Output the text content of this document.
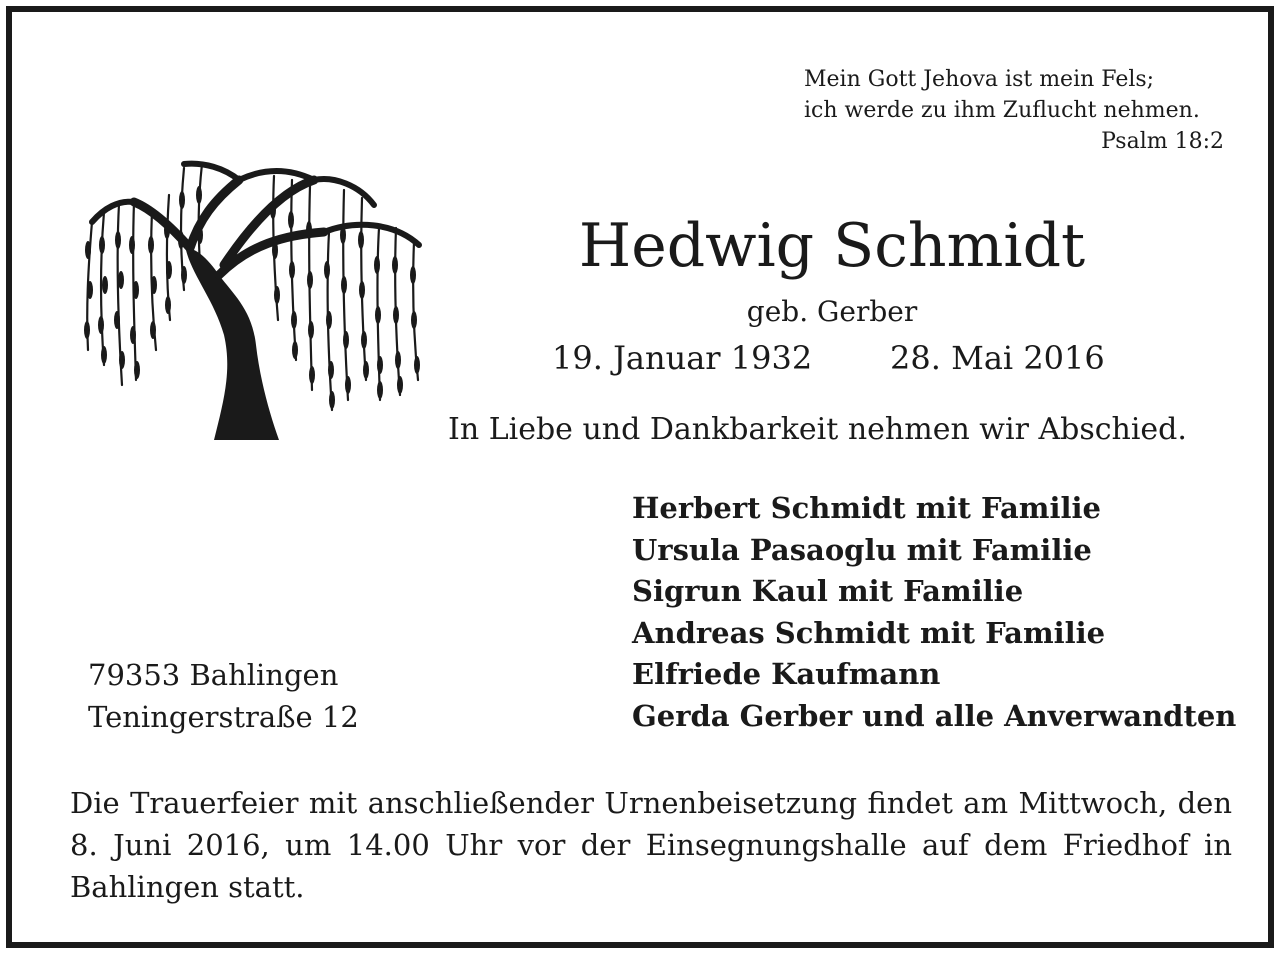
Mein Gott Jehova ist mein Fels;
ich werde zu ihm Zuflucht nehmen.
Psalm 18:2
Hedwig Schmidt
geb. Gerber
19. Januar 1932 28. Mai 2016
In Liebe und Dankbarkeit nehmen wir Abschied.
Herbert Schmidt mit Familie
Ursula Pasaoglu mit Familie
Sigrun Kaul mit Familie
Andreas Schmidt mit Familie
Elfriede Kaufmann
Gerda Gerber und alle Anverwandten
79353 Bahlingen
Teningerstraße 12
Die Trauerfeier mit anschließender Urnenbeisetzung findet am Mittwoch, den 8. Juni 2016, um 14.00 Uhr vor der Einsegnungshalle auf dem Friedhof in Bahlingen statt.
